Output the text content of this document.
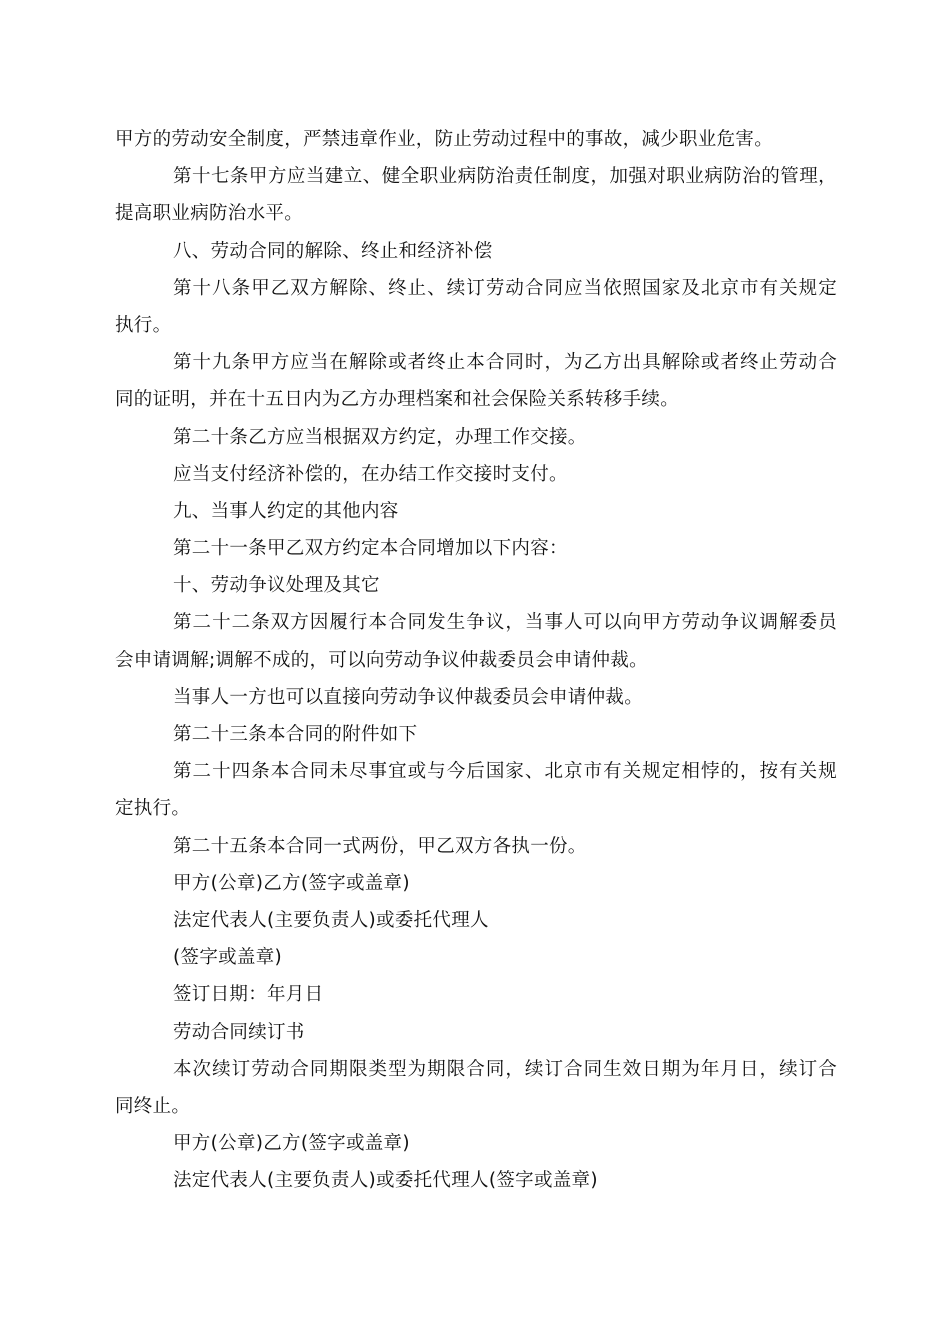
甲方的劳动安全制度，严禁违章作业，防止劳动过程中的事故，减少职业危害。
第十七条甲方应当建立、健全职业病防治责任制度，加强对职业病防治的管理，
提高职业病防治水平。
八、劳动合同的解除、终止和经济补偿
第十八条甲乙双方解除、终止、续订劳动合同应当依照国家及北京市有关规定
执行。
第十九条甲方应当在解除或者终止本合同时，为乙方出具解除或者终止劳动合
同的证明，并在十五日内为乙方办理档案和社会保险关系转移手续。
第二十条乙方应当根据双方约定，办理工作交接。
应当支付经济补偿的，在办结工作交接时支付。
九、当事人约定的其他内容
第二十一条甲乙双方约定本合同增加以下内容：
十、劳动争议处理及其它
第二十二条双方因履行本合同发生争议，当事人可以向甲方劳动争议调解委员
会申请调解;调解不成的，可以向劳动争议仲裁委员会申请仲裁。
当事人一方也可以直接向劳动争议仲裁委员会申请仲裁。
第二十三条本合同的附件如下
第二十四条本合同未尽事宜或与今后国家、北京市有关规定相悖的，按有关规
定执行。
第二十五条本合同一式两份，甲乙双方各执一份。
甲方(公章)乙方(签字或盖章)
法定代表人(主要负责人)或委托代理人
(签字或盖章)
签订日期：年月日
劳动合同续订书
本次续订劳动合同期限类型为期限合同，续订合同生效日期为年月日，续订合
同终止。
甲方(公章)乙方(签字或盖章)
法定代表人(主要负责人)或委托代理人(签字或盖章)
